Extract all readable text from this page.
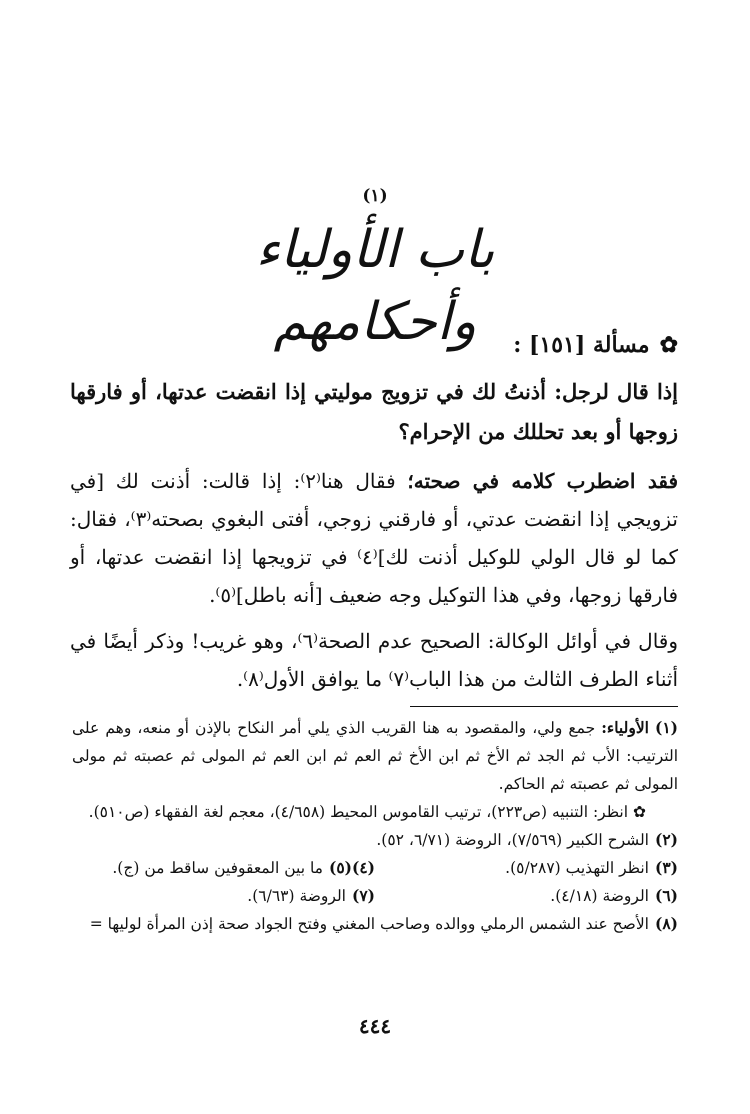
(١)
باب الأولياء وأحكامهم	✿مسألة [١٥١] :
إذا قال لرجل: أذنتُ لك في تزويج موليتي إذا انقضت عدتها، أو فارقها زوجها أو بعد تحللك من الإحرام؟
فقد اضطرب كلامه في صحته؛ فقال هنا⁽٢⁾: إذا قالت: أذنت لك [في تزويجي إذا انقضت عدتي، أو فارقني زوجي، أفتى البغوي بصحته⁽٣⁾، فقال: كما لو قال الولي للوكيل أذنت لك]⁽٤⁾ في تزويجها إذا انقضت عدتها، أو فارقها زوجها، وفي هذا التوكيل وجه ضعيف [أنه باطل]⁽٥⁾.
وقال في أوائل الوكالة: الصحيح عدم الصحة⁽٦⁾، وهو غريب! وذكر أيضًا في أثناء الطرف الثالث من هذا الباب⁽٧⁾ ما يوافق الأول⁽٨⁾.

(١)الأولياء: جمع ولي، والمقصود به هنا القريب الذي يلي أمر النكاح بالإذن أو منعه، وهم على الترتيب: الأب ثم الجد ثم الأخ ثم ابن الأخ ثم العم ثم ابن العم ثم المولى ثم عصبته ثم مولى المولى ثم عصبته ثم الحاكم.

✿ انظر: التنبيه (ص٢٢٣)، ترتيب القاموس المحيط (٤/٦٥٨)، معجم لغة الفقهاء (ص٥١٠).

(٢)الشرح الكبير (٧/٥٦٩)، الروضة (٦/٧١، ٥٢).

(٣)انظر التهذيب (٥/٢٨٧).
(٤)(٥)ما بين المعقوفين ساقط من (ج).
(٦)الروضة (٤/١٨).
(٧)الروضة (٦/٦٣).

(٨)الأصح عند الشمس الرملي ووالده وصاحب المغني وفتح الجواد صحة إذن المرأة لوليها =

٤٤٤
